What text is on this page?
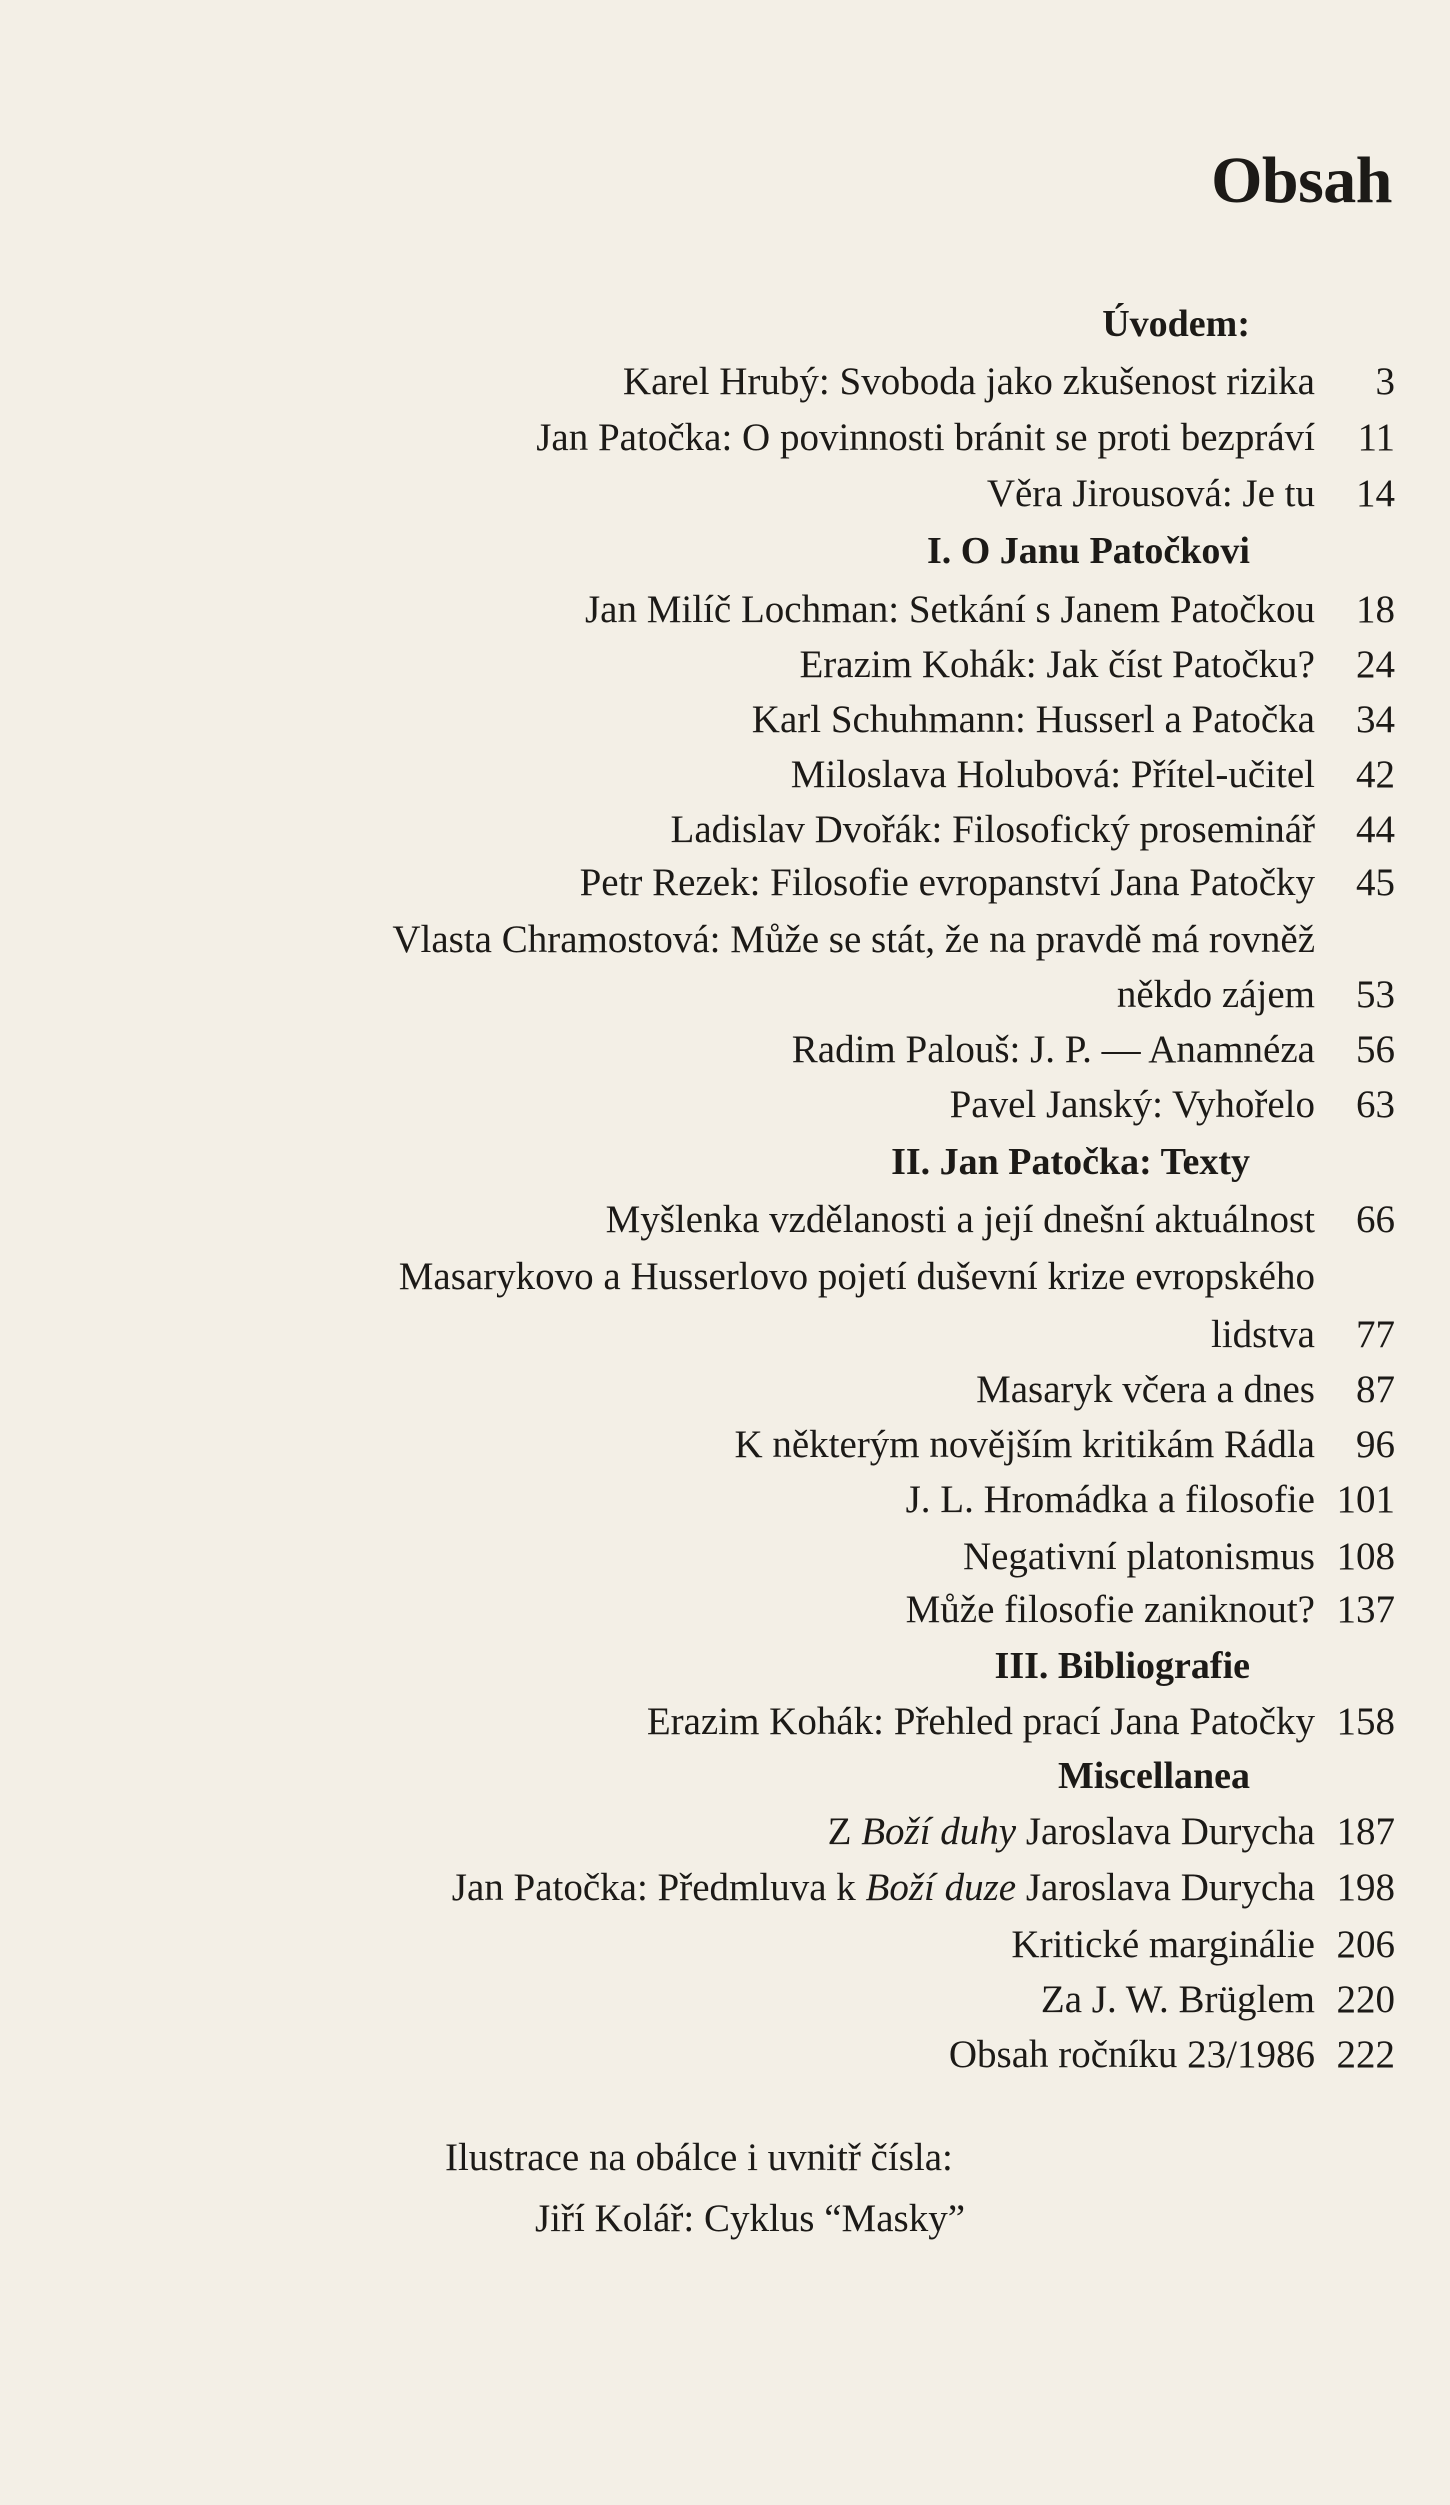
Obsah
Úvodem:
Karel Hrubý: Svoboda jako zkušenost rizika	3
Jan Patočka: O povinnosti bránit se proti bezpráví	11
Věra Jirousová: Je tu	14
I. O Janu Patočkovi
Jan Milíč Lochman: Setkání s Janem Patočkou	18
Erazim Kohák: Jak číst Patočku?	24
Karl Schuhmann: Husserl a Patočka	34
Miloslava Holubová: Přítel-učitel	42
Ladislav Dvořák: Filosofický proseminář	44
Petr Rezek: Filosofie evropanství Jana Patočky	45
Vlasta Chramostová: Může se stát, že na pravdě má rovněž
někdo zájem	53
Radim Palouš: J. P. — Anamnéza	56
Pavel Janský: Vyhořelo	63
II. Jan Patočka: Texty
Myšlenka vzdělanosti a její dnešní aktuálnost	66
Masarykovo a Husserlovo pojetí duševní krize evropského
lidstva	77
Masaryk včera a dnes	87
K některým novějším kritikám Rádla	96
J. L. Hromádka a filosofie 101
Negativní platonismus 108
Může filosofie zaniknout? 137
III. Bibliografie
Erazim Kohák: Přehled prací Jana Patočky 158
Miscellanea
Z Boží duhy Jaroslava Durycha 187
Jan Patočka: Předmluva k Boží duze Jaroslava Durycha 198
Kritické marginálie 206
Za J. W. Brüglem 220
Obsah ročníku 23/1986 222
Ilustrace na obálce i uvnitř čísla:
Jiří Kolář: Cyklus “Masky”
